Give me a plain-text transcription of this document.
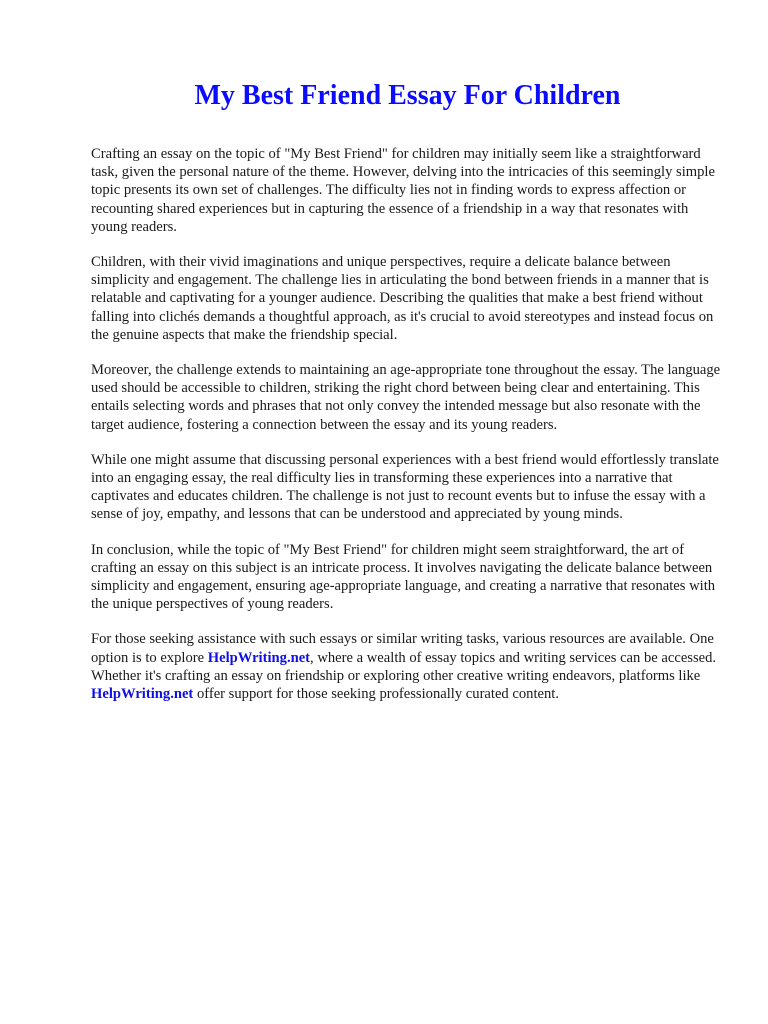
My Best Friend Essay For Children

Crafting an essay on the topic of "My Best Friend" for children may initially seem like a straightforward task, given the personal nature of the theme. However, delving into the intricacies of this seemingly simple topic presents its own set of challenges. The difficulty lies not in finding words to express affection or recounting shared experiences but in capturing the essence of a friendship in a way that resonates with young readers.

Children, with their vivid imaginations and unique perspectives, require a delicate balance between simplicity and engagement. The challenge lies in articulating the bond between friends in a manner that is relatable and captivating for a younger audience. Describing the qualities that make a best friend without falling into clichés demands a thoughtful approach, as it's crucial to avoid stereotypes and instead focus on the genuine aspects that make the friendship special.

Moreover, the challenge extends to maintaining an age-appropriate tone throughout the essay. The language used should be accessible to children, striking the right chord between being clear and entertaining. This entails selecting words and phrases that not only convey the intended message but also resonate with the target audience, fostering a connection between the essay and its young readers.

While one might assume that discussing personal experiences with a best friend would effortlessly translate into an engaging essay, the real difficulty lies in transforming these experiences into a narrative that captivates and educates children. The challenge is not just to recount events but to infuse the essay with a sense of joy, empathy, and lessons that can be understood and appreciated by young minds.

In conclusion, while the topic of "My Best Friend" for children might seem straightforward, the art of crafting an essay on this subject is an intricate process. It involves navigating the delicate balance between simplicity and engagement, ensuring age-appropriate language, and creating a narrative that resonates with the unique perspectives of young readers.

For those seeking assistance with such essays or similar writing tasks, various resources are available. One option is to explore HelpWriting.net, where a wealth of essay topics and writing services can be accessed. Whether it's crafting an essay on friendship or exploring other creative writing endeavors, platforms like HelpWriting.net offer support for those seeking professionally curated content.
